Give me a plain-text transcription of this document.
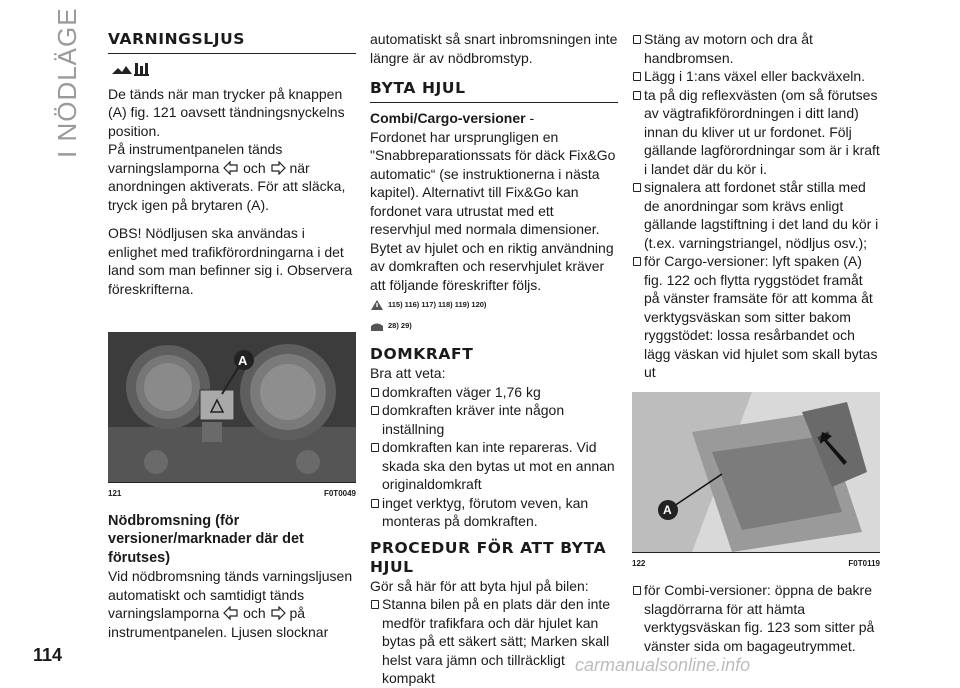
I NÖDLÄGE
114	carmanualsonline.info
VARNINGSLJUS

De tänds när man trycker på knappen (A) fig. 121 oavsett tändningsnyckelns position.

På instrumentpanelen tänds varningslamporna och när anordningen aktiverats. För att släcka, tryck igen på brytaren (A).

OBS! Nödljusen ska användas i enlighet med trafikförordningarna i det land som man befinner sig i. Observera föreskrifterna.

A
121	F0T0049
Nödbromsning (för versioner/marknader där det förutses)

Vid nödbromsning tänds varningsljusen automatiskt och samtidigt tänds varningslamporna och på instrumentpanelen. Ljusen slocknar

automatiskt så snart inbromsningen inte längre är av nödbromstyp.

BYTA HJUL

Combi/Cargo-versioner -

Fordonet har ursprungligen en "Snabbreparationssats för däck Fix&Go automatic“ (se instruktionerna i nästa kapitel). Alternativt till Fix&Go kan fordonet vara utrustat med ett reservhjul med normala dimensioner.

Bytet av hjulet och en riktig användning av domkraften och reservhjulet kräver att följande föreskrifter följs.

115) 116) 117) 118) 119) 120)
28) 29)
DOMKRAFT

Bra att veta:

domkraften väger 1,76 kg

domkraften kräver inte någon inställning

domkraften kan inte repareras. Vid skada ska den bytas ut mot en annan originaldomkraft

inget verktyg, förutom veven, kan monteras på domkraften.

PROCEDUR FÖR ATT BYTA HJUL

Gör så här för att byta hjul på bilen:

Stanna bilen på en plats där den inte medför trafikfara och där hjulet kan bytas på ett säkert sätt; Marken skall helst vara jämn och tillräckligt kompakt

Stäng av motorn och dra åt handbromsen.

Lägg i 1:ans växel eller backväxeln.

ta på dig reflexvästen (om så förutses av vägtrafikförordningen i ditt land) innan du kliver ut ur fordonet. Följ gällande lagförordningar som är i kraft i landet där du kör i.

signalera att fordonet står stilla med de anordningar som krävs enligt gällande lagstiftning i det land du kör i (t.ex. varningstriangel, nödljus osv.);

för Cargo-versioner: lyft spaken (A) fig. 122 och flytta ryggstödet framåt på vänster framsäte för att komma åt verktygsväskan som sitter bakom ryggstödet: lossa resårbandet och lägg väskan vid hjulet som skall bytas ut

A
122	F0T0119

för Combi-versioner: öppna de bakre slagdörrarna för att hämta verktygsväskan fig. 123 som sitter på vänster sida om bagageutrymmet.
